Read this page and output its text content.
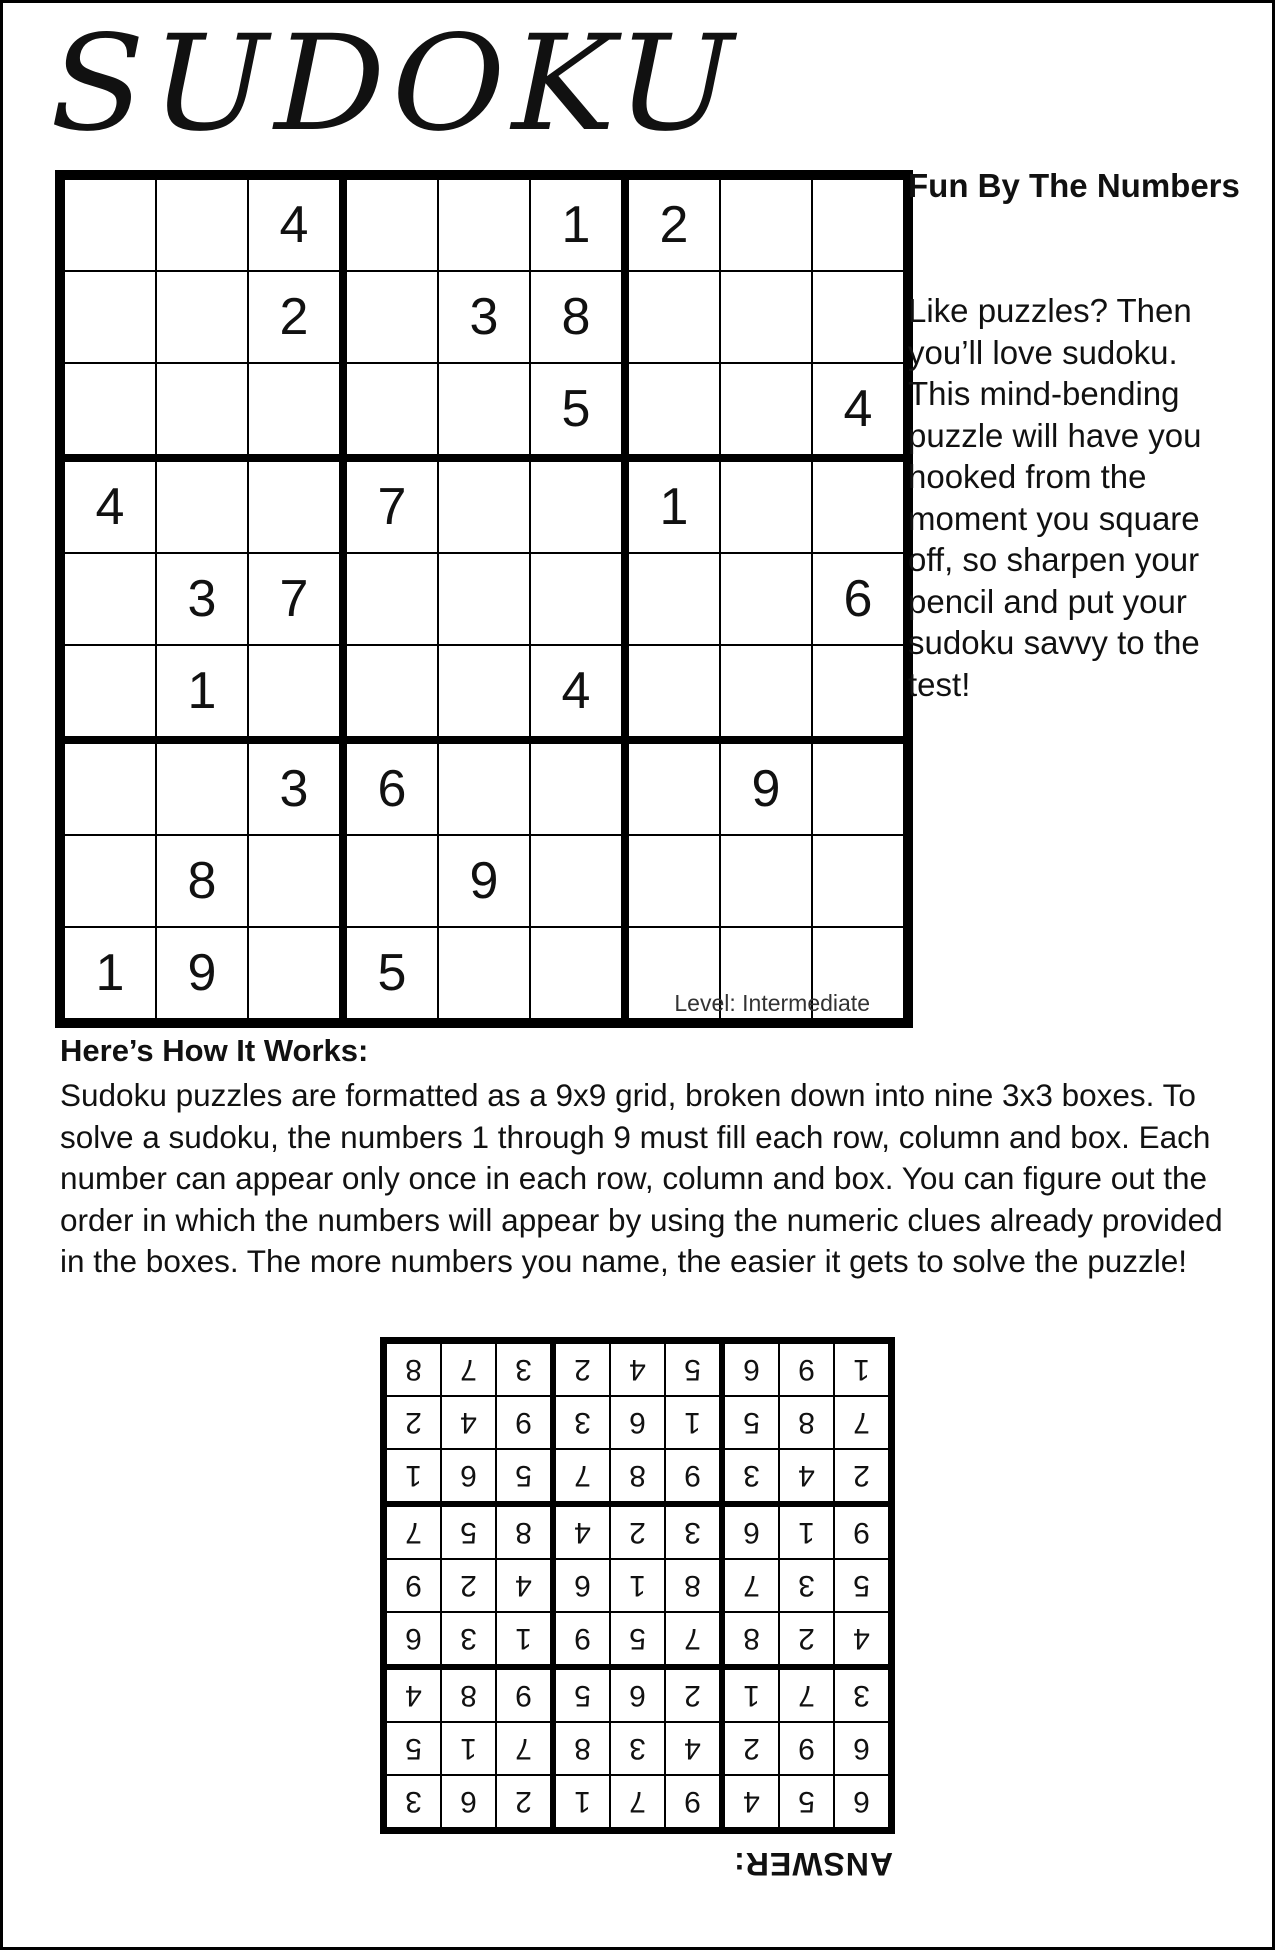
SUDOKU
		4			1	2		
		2		3	8			
					5			4
4			7			1		
	3	7						6
	1				4			
		3	6				9	
	8			9				
1	9		5					
Fun By The Numbers
Like puzzles? Then you’ll love sudoku. This mind-bending puzzle will have you hooked from the moment you square off, so sharpen your pencil and put your sudoku savvy to the test!
Level: Intermediate
Here’s How It Works:
Sudoku puzzles are formatted as a 9x9 grid, broken down into nine 3x3 boxes. To solve a sudoku, the numbers 1 through 9 must fill each row, column and box. Each number can appear only once in each row, column and box. You can figure out the order in which the numbers will appear by using the numeric clues already provided in the boxes. The more numbers you name, the easier it gets to solve the puzzle!
ANSWER:
6	5	4	9	7	1	2	6	3
6	9	2	4	3	8	7	1	5
3	7	1	2	6	5	9	8	4
4	2	8	7	5	9	1	3	6
5	3	7	8	1	6	4	2	9
9	1	6	3	2	4	8	5	7
2	4	3	9	8	7	5	6	1
7	8	5	1	6	3	9	4	2
1	9	6	5	4	2	3	7	8
